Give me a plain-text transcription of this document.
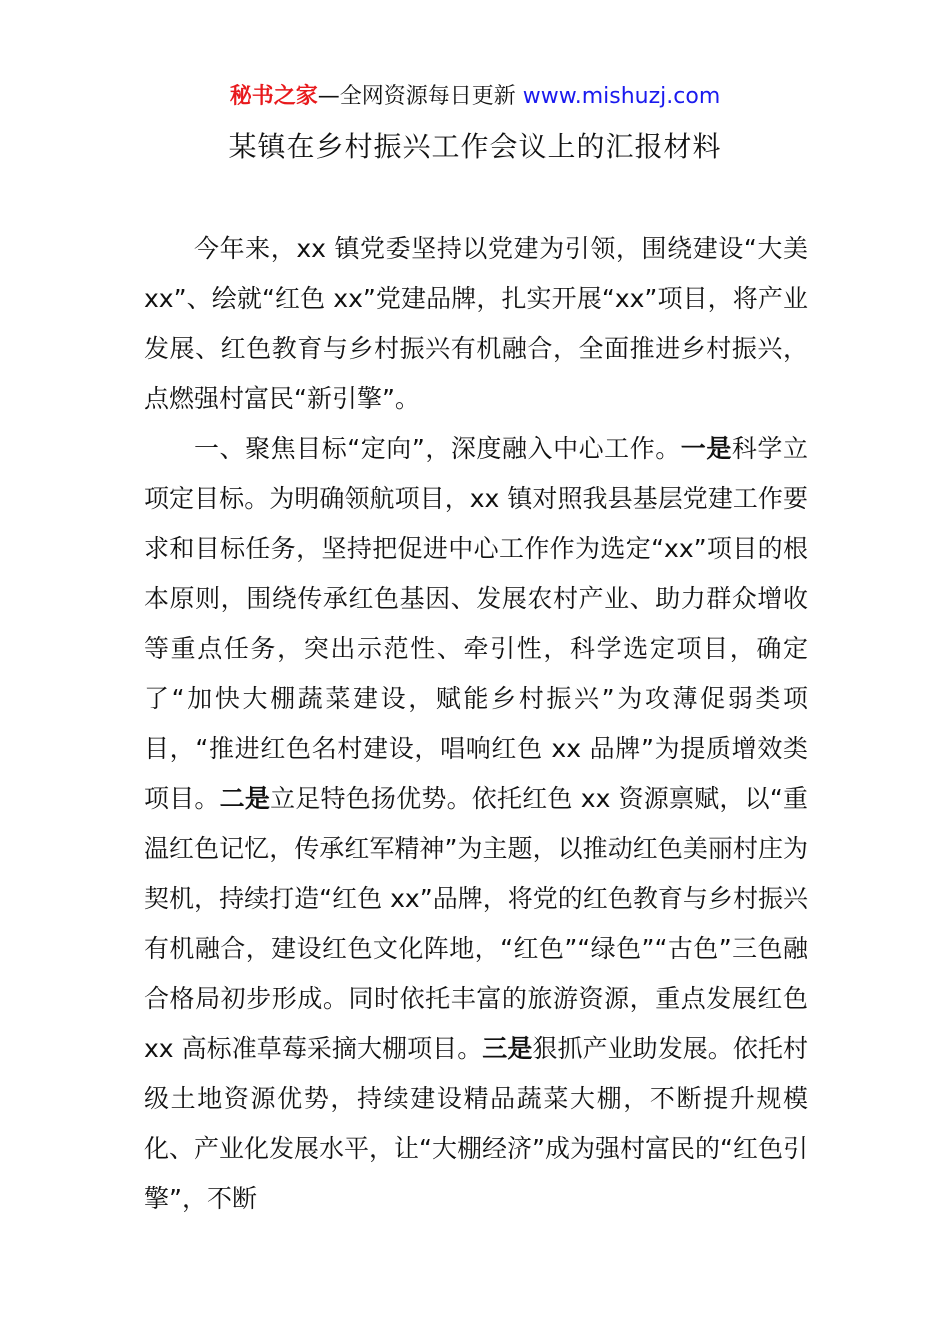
秘书之家—全网资源每日更新 www.mishuzj.com
某镇在乡村振兴工作会议上的汇报材料

今年来，xx 镇党委坚持以党建为引领，围绕建设“大美 xx”、绘就“红色 xx”党建品牌，扎实开展“xx”项目，将产业发展、红色教育与乡村振兴有机融合，全面推进乡村振兴，点燃强村富民“新引擎”。

一、聚焦目标“定向”，深度融入中心工作。一是科学立项定目标。为明确领航项目，xx 镇对照我县基层党建工作要求和目标任务，坚持把促进中心工作作为选定“xx”项目的根本原则，围绕传承红色基因、发展农村产业、助力群众增收等重点任务，突出示范性、牵引性，科学选定项目，确定了“加快大棚蔬菜建设，赋能乡村振兴”为攻薄促弱类项目，“推进红色名村建设，唱响红色 xx 品牌”为提质增效类项目。二是立足特色扬优势。依托红色 xx 资源禀赋，以“重温红色记忆，传承红军精神”为主题，以推动红色美丽村庄为契机，持续打造“红色 xx”品牌，将党的红色教育与乡村振兴有机融合，建设红色文化阵地，“红色”“绿色”“古色”三色融合格局初步形成。同时依托丰富的旅游资源，重点发展红色 xx 高标准草莓采摘大棚项目。三是狠抓产业助发展。依托村级土地资源优势，持续建设精品蔬菜大棚，不断提升规模化、产业化发展水平，让“大棚经济”成为强村富民的“红色引擎”，不断
